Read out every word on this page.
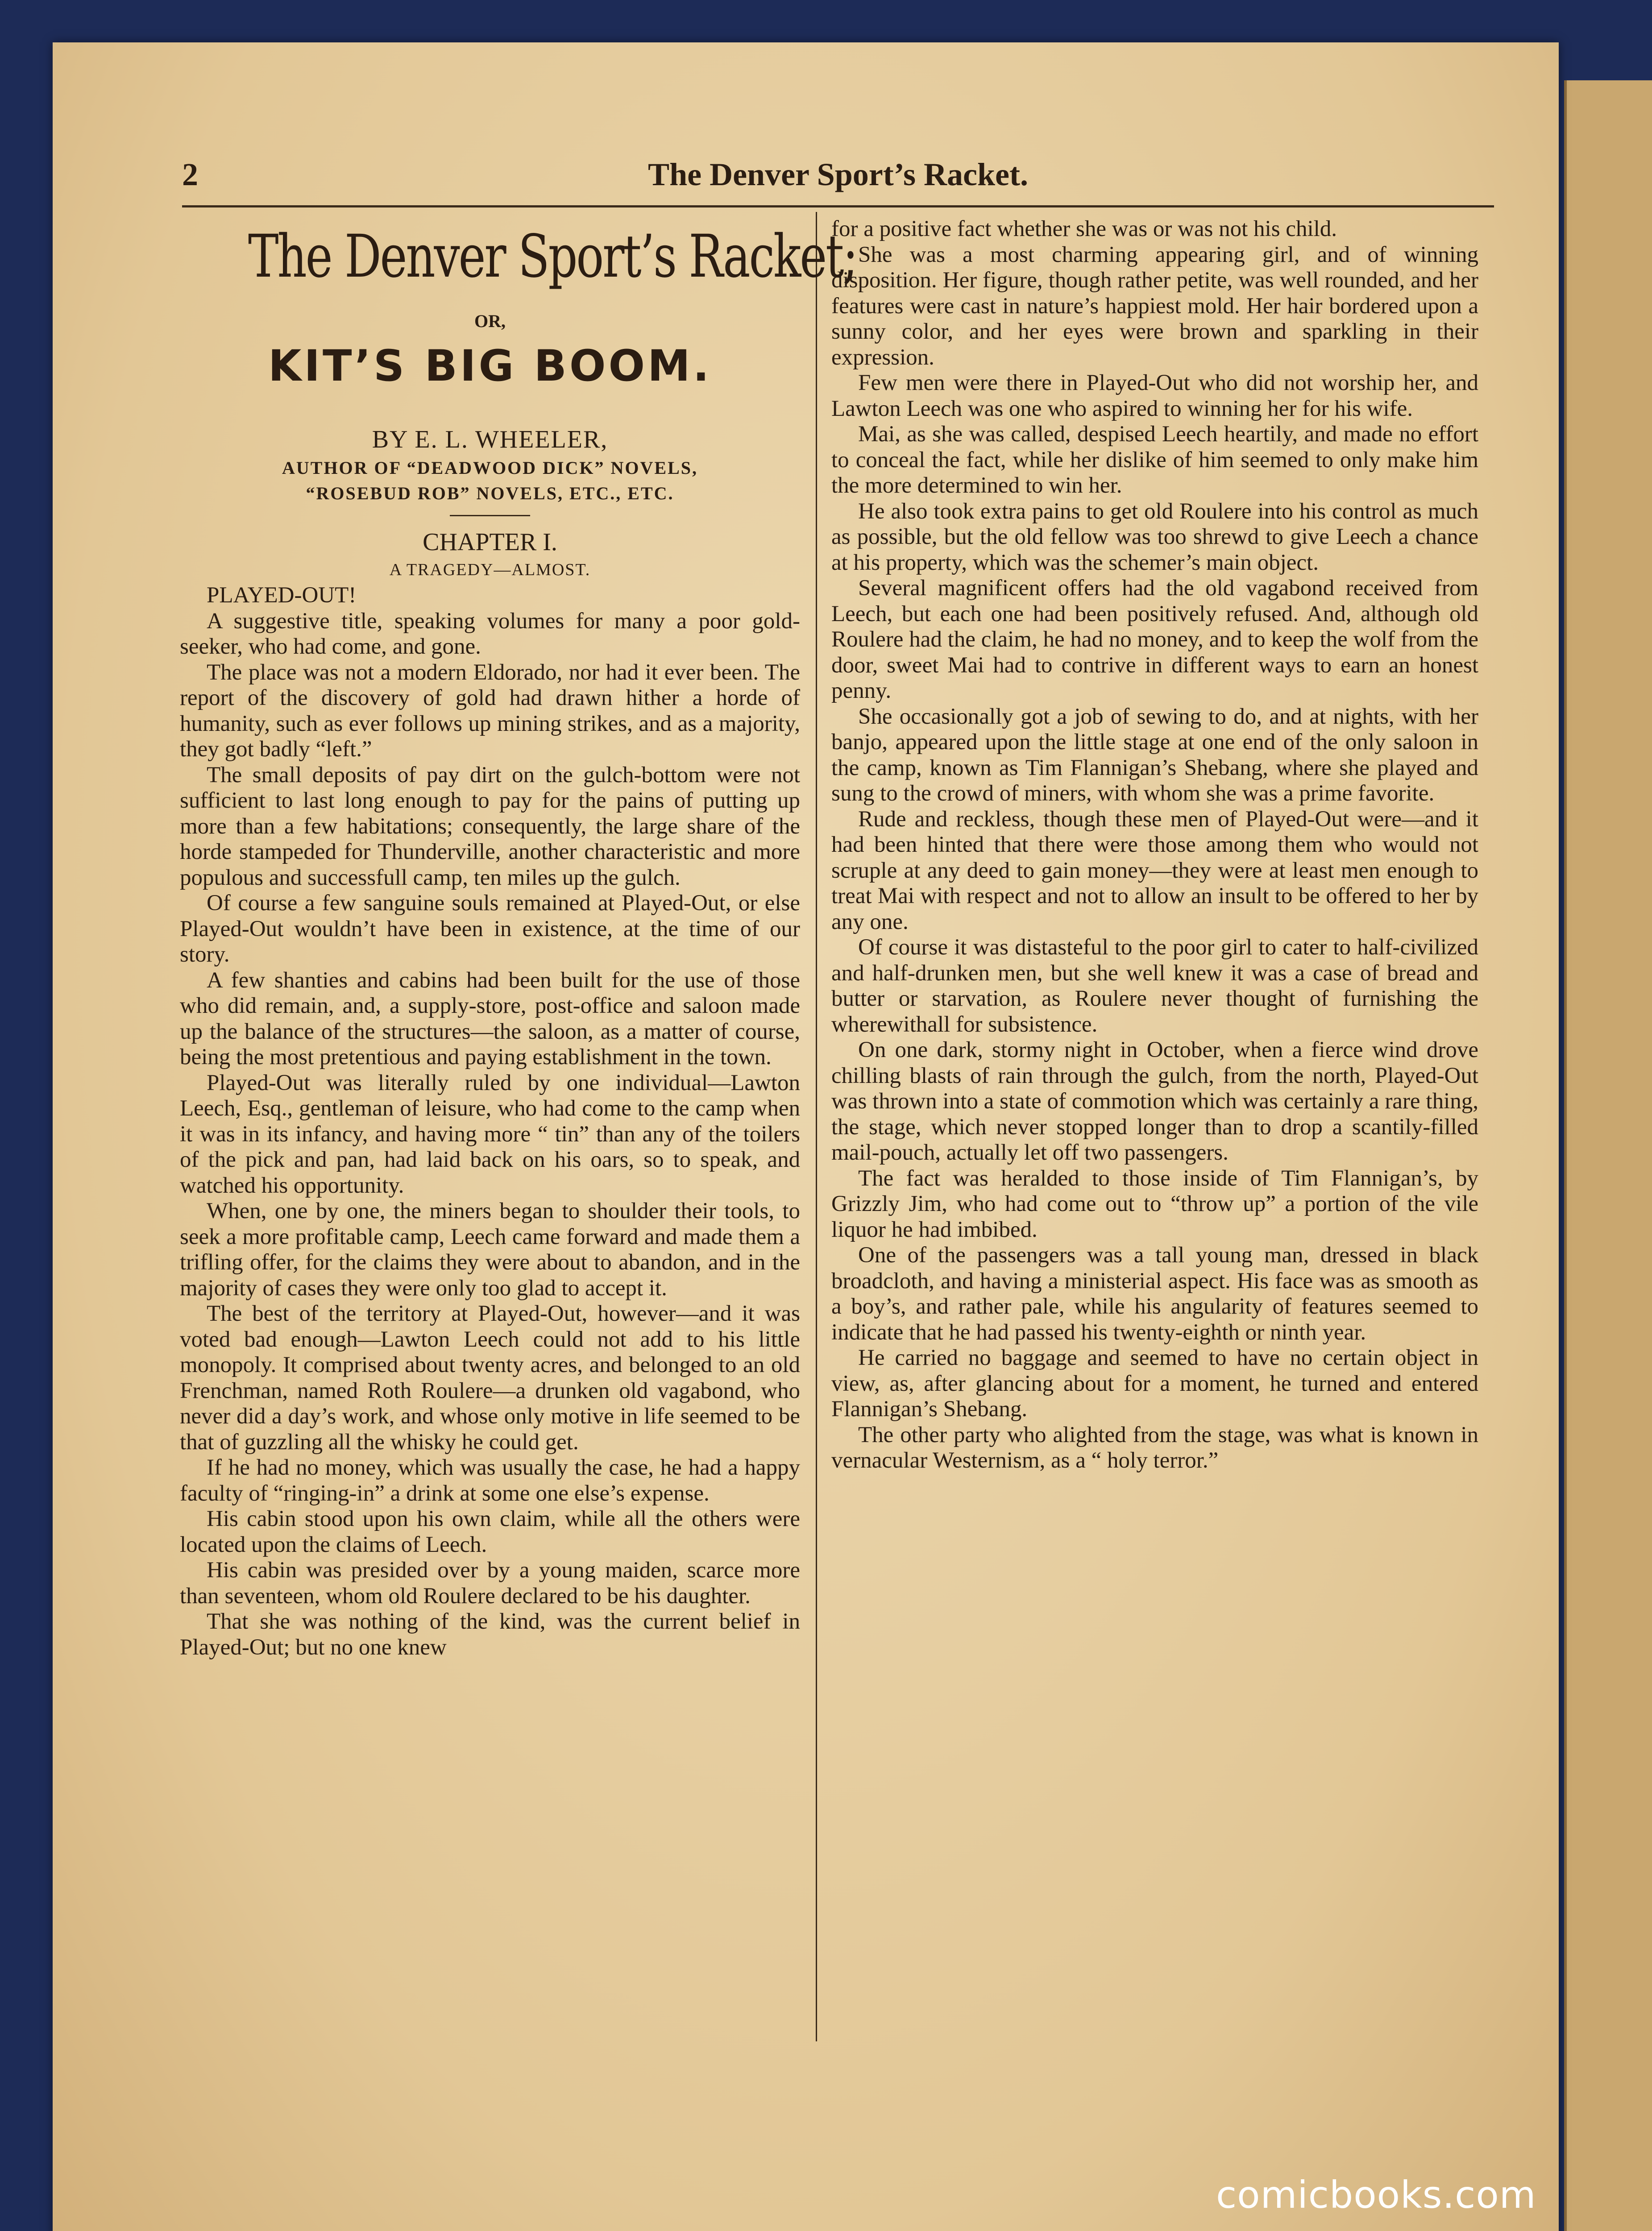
2	The Denver Sport’s Racket.
The Denver Sport’s Racket;
OR,
KIT’S BIG BOOM.
BY E. L. WHEELER,
AUTHOR OF “DEADWOOD DICK” NOVELS,
“ROSEBUD ROB” NOVELS, ETC., ETC.
CHAPTER I.
A TRAGEDY—ALMOST.

PLAYED-OUT!

A suggestive title, speaking volumes for many a poor gold-seeker, who had come, and gone.

The place was not a modern Eldorado, nor had it ever been. The report of the discovery of gold had drawn hither a horde of humanity, such as ever follows up mining strikes, and as a majority, they got badly “left.”

The small deposits of pay dirt on the gulch-bottom were not sufficient to last long enough to pay for the pains of putting up more than a few habitations; consequently, the large share of the horde stampeded for Thunderville, another characteristic and more populous and successfull camp, ten miles up the gulch.

Of course a few sanguine souls remained at Played-Out, or else Played-Out wouldn’t have been in existence, at the time of our story.

A few shanties and cabins had been built for the use of those who did remain, and, a supply-store, post-office and saloon made up the balance of the structures—the saloon, as a matter of course, being the most pretentious and paying establishment in the town.

Played-Out was literally ruled by one individual—Lawton Leech, Esq., gentleman of leisure, who had come to the camp when it was in its infancy, and having more “ tin” than any of the toilers of the pick and pan, had laid back on his oars, so to speak, and watched his opportunity.

When, one by one, the miners began to shoulder their tools, to seek a more profitable camp, Leech came forward and made them a trifling offer, for the claims they were about to abandon, and in the majority of cases they were only too glad to accept it.

The best of the territory at Played-Out, however—and it was voted bad enough—Lawton Leech could not add to his little monopoly. It comprised about twenty acres, and belonged to an old Frenchman, named Roth Roulere—a drunken old vagabond, who never did a day’s work, and whose only motive in life seemed to be that of guzzling all the whisky he could get.

If he had no money, which was usually the case, he had a happy faculty of “ringing-in” a drink at some one else’s expense.

His cabin stood upon his own claim, while all the others were located upon the claims of Leech.

His cabin was presided over by a young maiden, scarce more than seventeen, whom old Roulere declared to be his daughter.

That she was nothing of the kind, was the current belief in Played-Out; but no one knew

for a positive fact whether she was or was not his child.

She was a most charming appearing girl, and of winning disposition. Her figure, though rather petite, was well rounded, and her features were cast in nature’s happiest mold. Her hair bordered upon a sunny color, and her eyes were brown and sparkling in their expression.

Few men were there in Played-Out who did not worship her, and Lawton Leech was one who aspired to winning her for his wife.

Mai, as she was called, despised Leech heartily, and made no effort to conceal the fact, while her dislike of him seemed to only make him the more determined to win her.

He also took extra pains to get old Roulere into his control as much as possible, but the old fellow was too shrewd to give Leech a chance at his property, which was the schemer’s main object.

Several magnificent offers had the old vagabond received from Leech, but each one had been positively refused. And, although old Roulere had the claim, he had no money, and to keep the wolf from the door, sweet Mai had to contrive in different ways to earn an honest penny.

She occasionally got a job of sewing to do, and at nights, with her banjo, appeared upon the little stage at one end of the only saloon in the camp, known as Tim Flannigan’s Shebang, where she played and sung to the crowd of miners, with whom she was a prime favorite.

Rude and reckless, though these men of Played-Out were—and it had been hinted that there were those among them who would not scruple at any deed to gain money—they were at least men enough to treat Mai with respect and not to allow an insult to be offered to her by any one.

Of course it was distasteful to the poor girl to cater to half-civilized and half-drunken men, but she well knew it was a case of bread and butter or starvation, as Roulere never thought of furnishing the wherewithall for subsistence.

On one dark, stormy night in October, when a fierce wind drove chilling blasts of rain through the gulch, from the north, Played-Out was thrown into a state of commotion which was certainly a rare thing, the stage, which never stopped longer than to drop a scantily-filled mail-pouch, actually let off two passengers.

The fact was heralded to those inside of Tim Flannigan’s, by Grizzly Jim, who had come out to “throw up” a portion of the vile liquor he had imbibed.

One of the passengers was a tall young man, dressed in black broadcloth, and having a ministerial aspect. His face was as smooth as a boy’s, and rather pale, while his angularity of features seemed to indicate that he had passed his twenty-eighth or ninth year.

He carried no baggage and seemed to have no certain object in view, as, after glancing about for a moment, he turned and entered Flannigan’s Shebang.

The other party who alighted from the stage, was what is known in vernacular Westernism, as a “ holy terror.”

comicbooks.com
